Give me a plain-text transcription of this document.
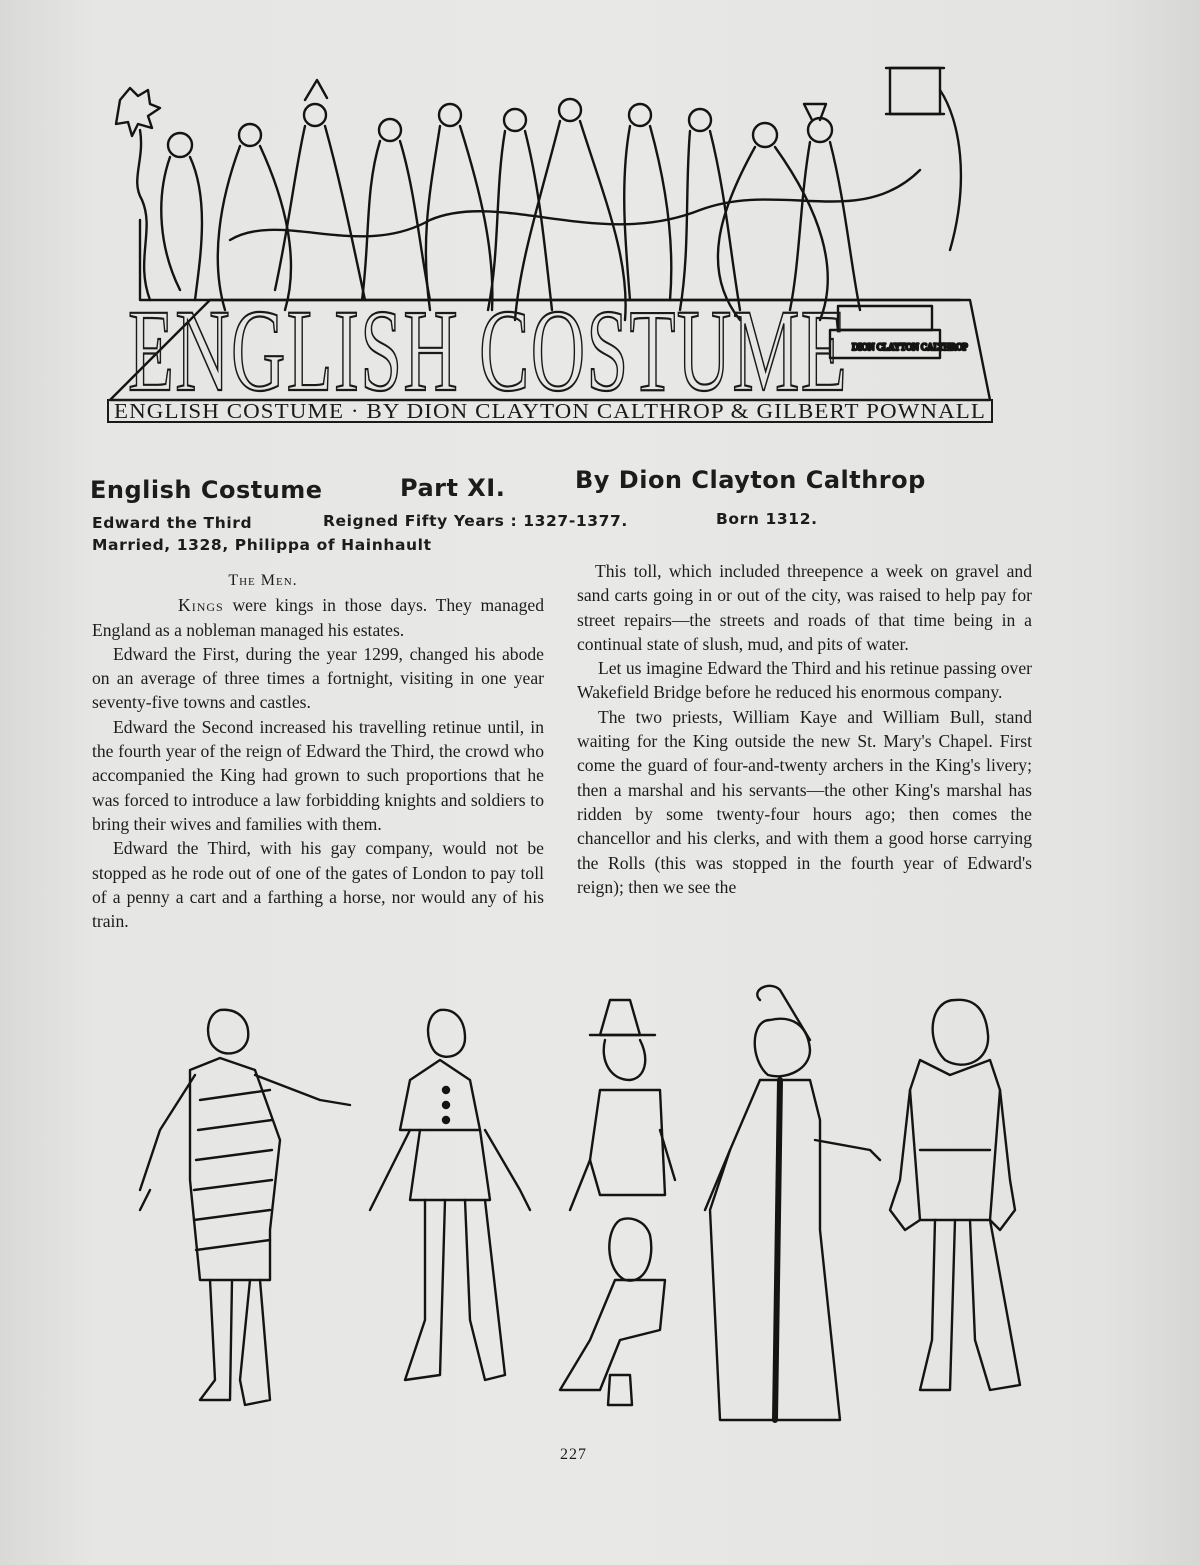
DION CLAYTON CALTHROP
ENGLISH COSTUME
ENGLISH COSTUME · BY DION CLAYTON CALTHROP & GILBERT POWNALL
English Costume	Part XI.	By Dion Clayton Calthrop
Edward the Third	Reigned Fifty Years : 1327-1377.	Born 1312.
Married, 1328, Philippa of Hainhault

The Men.

Kings were kings in those days. They managed England as a nobleman managed his estates.

Edward the First, during the year 1299, changed his abode on an average of three times a fortnight, visiting in one year seventy-five towns and castles.

Edward the Second increased his travelling retinue until, in the fourth year of the reign of Edward the Third, the crowd who accompanied the King had grown to such proportions that he was forced to introduce a law forbidding knights and soldiers to bring their wives and families with them.

Edward the Third, with his gay company, would not be stopped as he rode out of one of the gates of London to pay toll of a penny a cart and a farthing a horse, nor would any of his train.

This toll, which included threepence a week on gravel and sand carts going in or out of the city, was raised to help pay for street repairs—the streets and roads of that time being in a continual state of slush, mud, and pits of water.

Let us imagine Edward the Third and his retinue passing over Wakefield Bridge before he reduced his enormous company.

The two priests, William Kaye and William Bull, stand waiting for the King outside the new St. Mary's Chapel. First come the guard of four-and-twenty archers in the King's livery; then a marshal and his servants—the other King's marshal has ridden by some twenty-four hours ago; then comes the chancellor and his clerks, and with them a good horse carrying the Rolls (this was stopped in the fourth year of Edward's reign); then we see the

227
